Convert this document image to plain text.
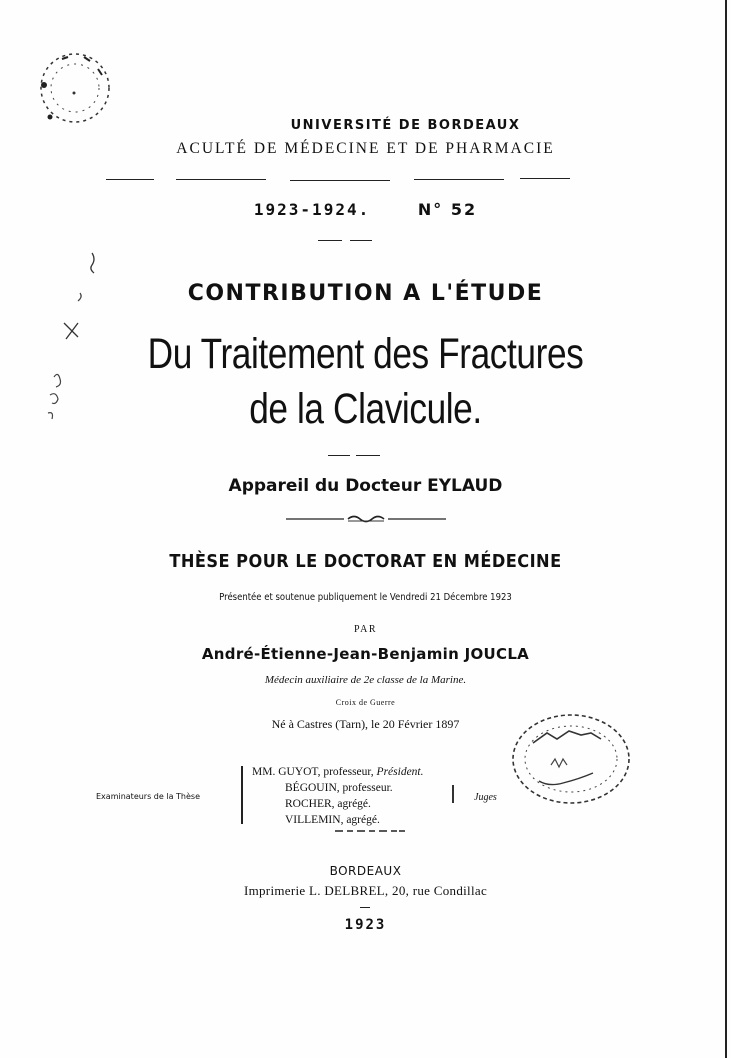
UNIVERSITÉ DE BORDEAUX
ACULTÉ DE MÉDECINE ET DE PHARMACIE
1923-1924.	N° 52
CONTRIBUTION A L'ÉTUDE
Du Traitement des Fractures
de la Clavicule.
Appareil du Docteur EYLAUD
THÈSE POUR LE DOCTORAT EN MÉDECINE
Présentée et soutenue publiquement le Vendredi 21 Décembre 1923
PAR
André-Étienne-Jean-Benjamin JOUCLA
Médecin auxiliaire de 2e classe de la Marine.
Croix de Guerre
Né à Castres (Tarn), le 20 Février 1897
Examinateurs de la Thèse
MM. GUYOT, professeur, Président.
BÉGOUIN, professeur.
ROCHER, agrégé.
VILLEMIN, agrégé.
Juges
BORDEAUX
Imprimerie L. DELBREL, 20, rue Condillac
1923
